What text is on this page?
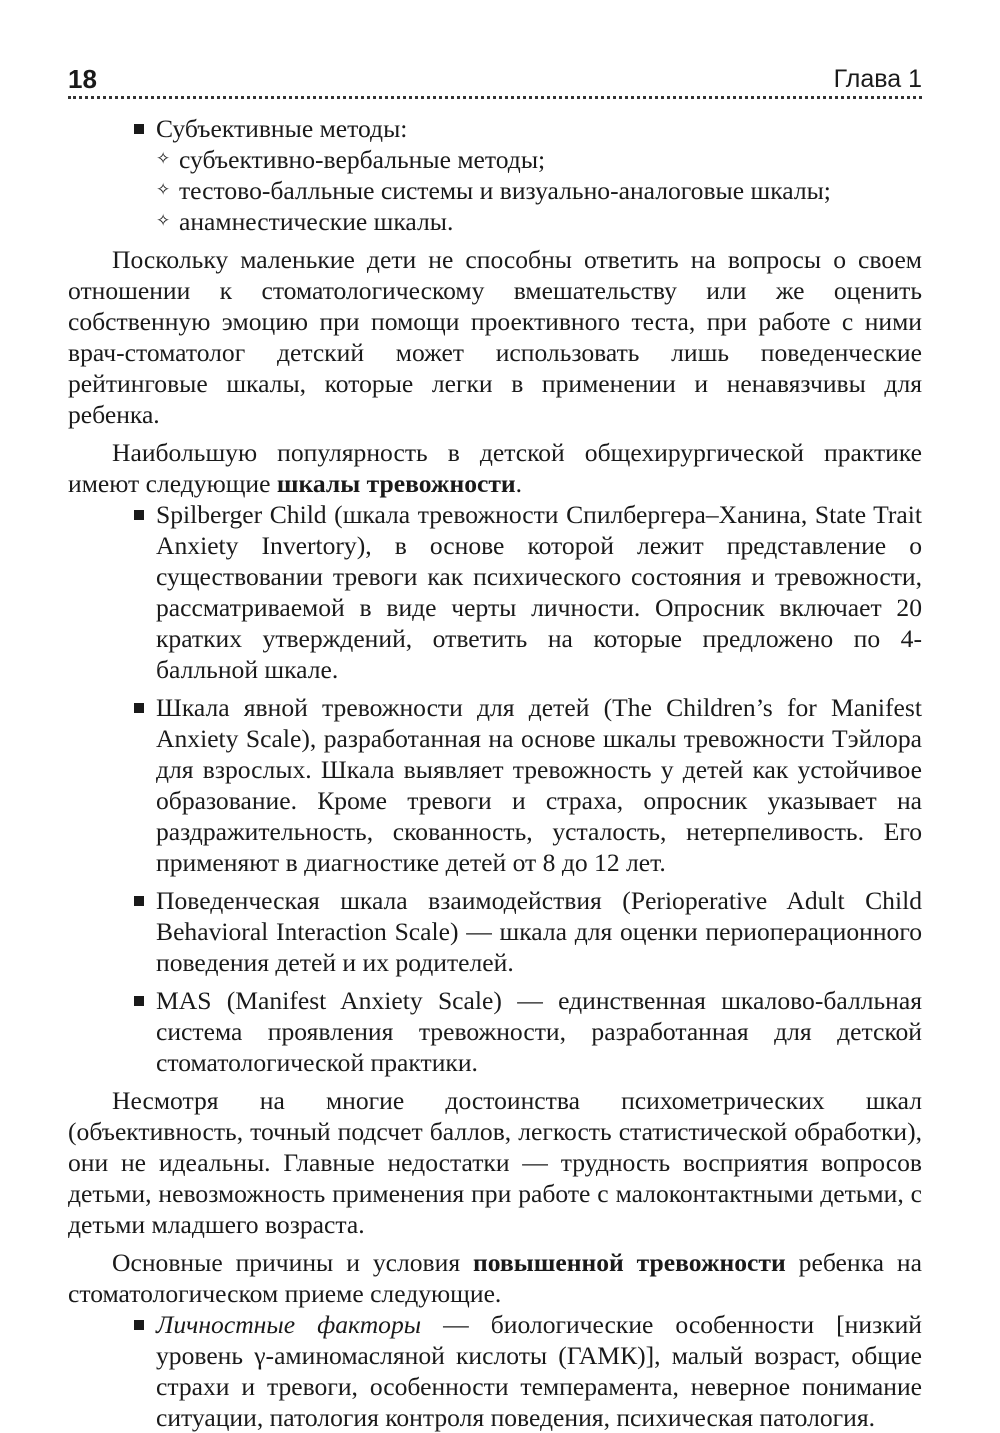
18	Глава 1
Субъективные методы:
✧ субъективно-вербальные методы;
✧ тестово-балльные системы и визуально-аналоговые шкалы;
✧ анамнестические шкалы.

Поскольку маленькие дети не способны ответить на вопросы о своем отношении к стоматологическому вмешательству или же оценить собственную эмоцию при помощи проективного теста, при работе с ними врач-стоматолог детский может использовать лишь поведенческие рейтинговые шкалы, которые легки в применении и ненавязчивы для ребенка.

Наибольшую популярность в детской общехирургической практике имеют следующие шкалы тревожности.

Spilberger Child (шкала тревожности Спилбергера–Ханина, State Trait Anxiety Invertory), в основе которой лежит представление о существовании тревоги как психического состояния и тревожности, рассматриваемой в виде черты личности. Опросник включает 20 кратких утверждений, ответить на которые предложено по 4-балльной шкале.
Шкала явной тревожности для детей (The Children’s for Manifest Anxiety Scale), разработанная на основе шкалы тревожности Тэйлора для взрослых. Шкала выявляет тревожность у детей как устойчивое образование. Кроме тревоги и страха, опросник указывает на раздражительность, скованность, усталость, нетерпеливость. Его применяют в диагностике детей от 8 до 12 лет.
Поведенческая шкала взаимодействия (Perioperative Adult Child Behavioral Interaction Scale) — шкала для оценки периоперационного поведения детей и их родителей.
MAS (Manifest Anxiety Scale) — единственная шкалово-балльная система проявления тревожности, разработанная для детской стоматологической практики.

Несмотря на многие достоинства психометрических шкал (объективность, точный подсчет баллов, легкость статистической обработки), они не идеальны. Главные недостатки — трудность восприятия вопросов детьми, невозможность применения при работе с малоконтактными детьми, с детьми младшего возраста.

Основные причины и условия повышенной тревожности ребенка на стоматологическом приеме следующие.

Личностные факторы — биологические особенности [низкий уровень γ-аминомасляной кислоты (ГАМК)], малый возраст, общие страхи и тревоги, особенности темперамента, неверное понимание ситуации, патология контроля поведения, психическая патология.
